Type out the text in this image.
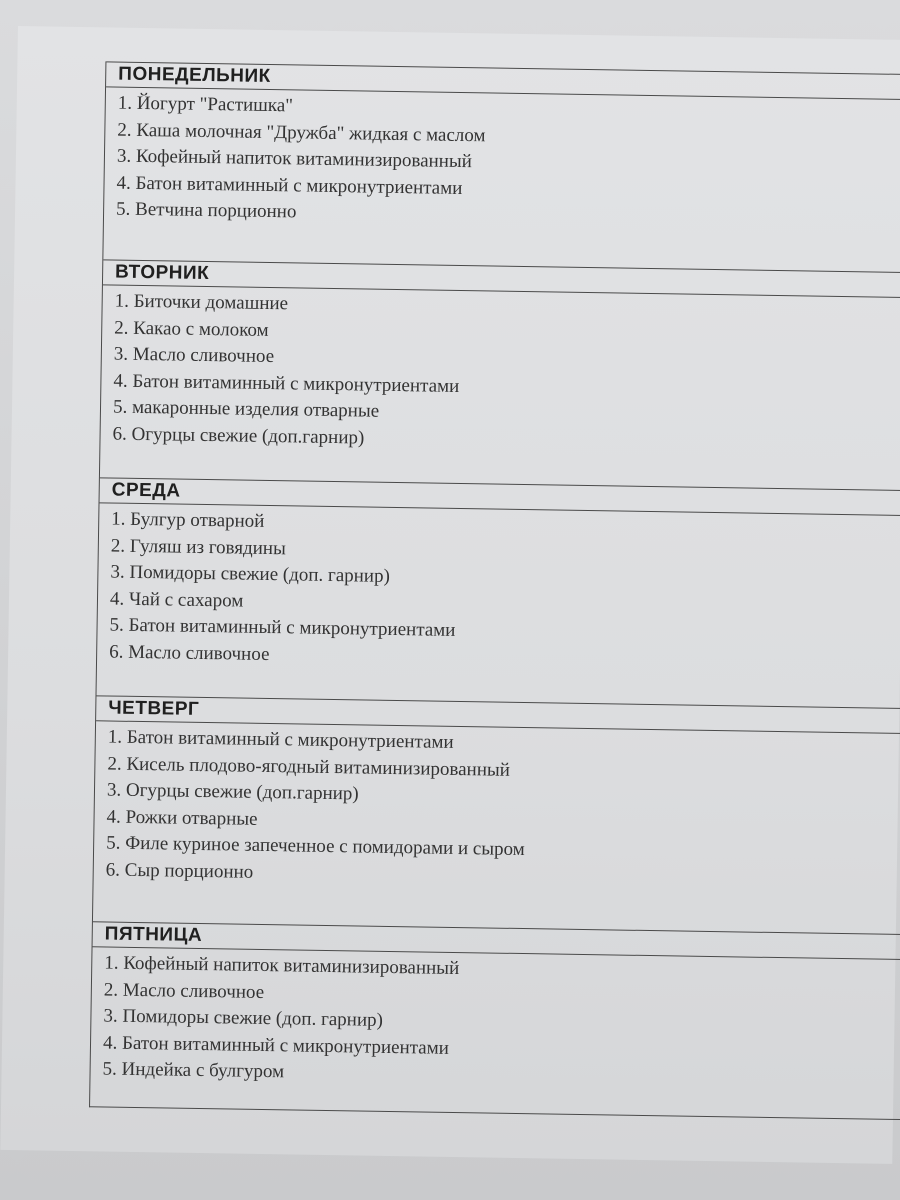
ПОНЕДЕЛЬНИК
1. Йогурт "Растишка"
2. Каша молочная "Дружба" жидкая с маслом
3. Кофейный напиток витаминизированный
4. Батон витаминный с микронутриентами
5. Ветчина порционно
ВТОРНИК
1. Биточки домашние
2. Какао с молоком
3. Масло сливочное
4. Батон витаминный с микронутриентами
5. макаронные изделия отварные
6. Огурцы свежие (доп.гарнир)
СРЕДА
1. Булгур отварной
2. Гуляш из говядины
3. Помидоры свежие (доп. гарнир)
4. Чай с сахаром
5. Батон витаминный с микронутриентами
6. Масло сливочное
ЧЕТВЕРГ
1. Батон витаминный с микронутриентами
2. Кисель плодово-ягодный витаминизированный
3. Огурцы свежие (доп.гарнир)
4. Рожки отварные
5. Филе куриное запеченное с помидорами и сыром
6. Сыр порционно
ПЯТНИЦА
1. Кофейный напиток витаминизированный
2. Масло сливочное
3. Помидоры свежие (доп. гарнир)
4. Батон витаминный с микронутриентами
5. Индейка с булгуром
